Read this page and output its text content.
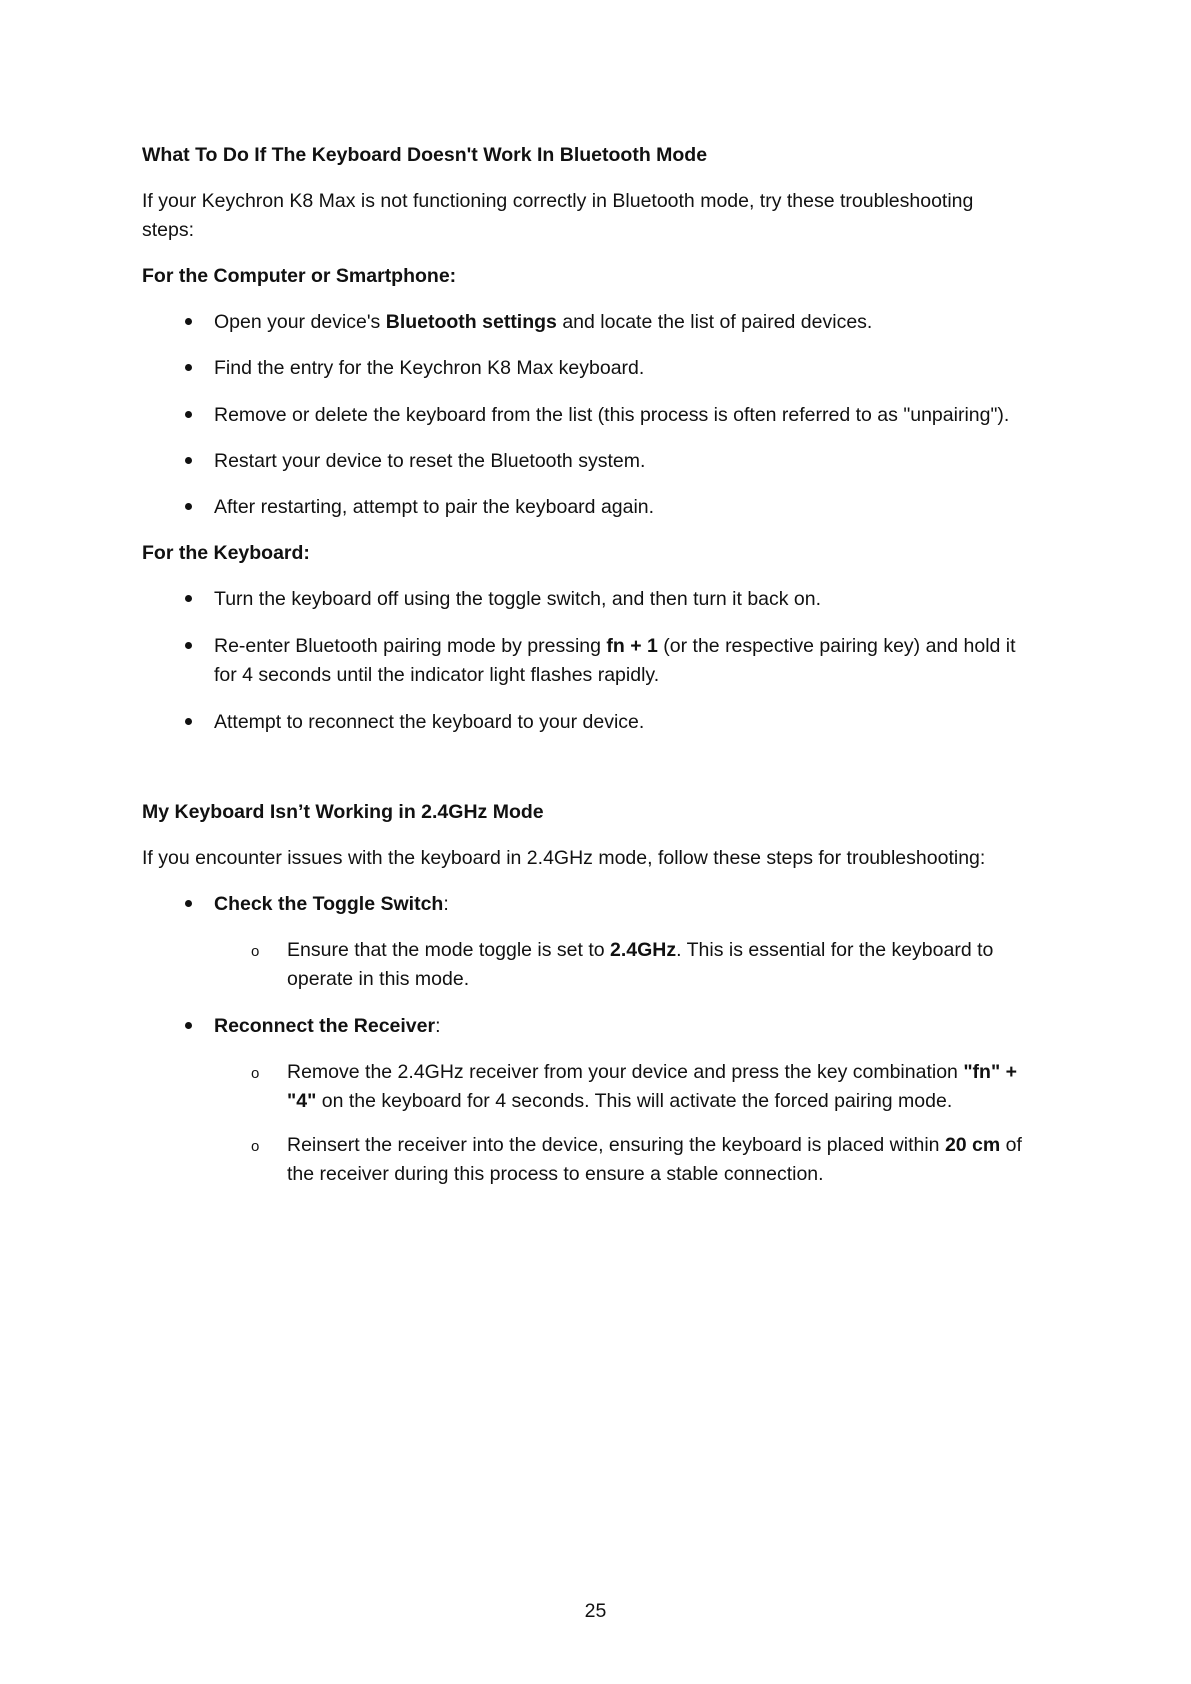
What To Do If The Keyboard Doesn't Work In Bluetooth Mode

If your Keychron K8 Max is not functioning correctly in Bluetooth mode, try these troubleshooting

steps:

For the Computer or Smartphone:

Open your device's Bluetooth settings and locate the list of paired devices.

Find the entry for the Keychron K8 Max keyboard.

Remove or delete the keyboard from the list (this process is often referred to as "unpairing").

Restart your device to reset the Bluetooth system.

After restarting, attempt to pair the keyboard again.

For the Keyboard:

Turn the keyboard off using the toggle switch, and then turn it back on.

Re-enter Bluetooth pairing mode by pressing fn + 1 (or the respective pairing key) and hold it

for 4 seconds until the indicator light flashes rapidly.

Attempt to reconnect the keyboard to your device.

My Keyboard Isn’t Working in 2.4GHz Mode

If you encounter issues with the keyboard in 2.4GHz mode, follow these steps for troubleshooting:

Check the Toggle Switch:

o Ensure that the mode toggle is set to 2.4GHz. This is essential for the keyboard to

operate in this mode.

Reconnect the Receiver:

o Remove the 2.4GHz receiver from your device and press the key combination "fn" +

"4" on the keyboard for 4 seconds. This will activate the forced pairing mode.

o Reinsert the receiver into the device, ensuring the keyboard is placed within 20 cm of

the receiver during this process to ensure a stable connection.

25
